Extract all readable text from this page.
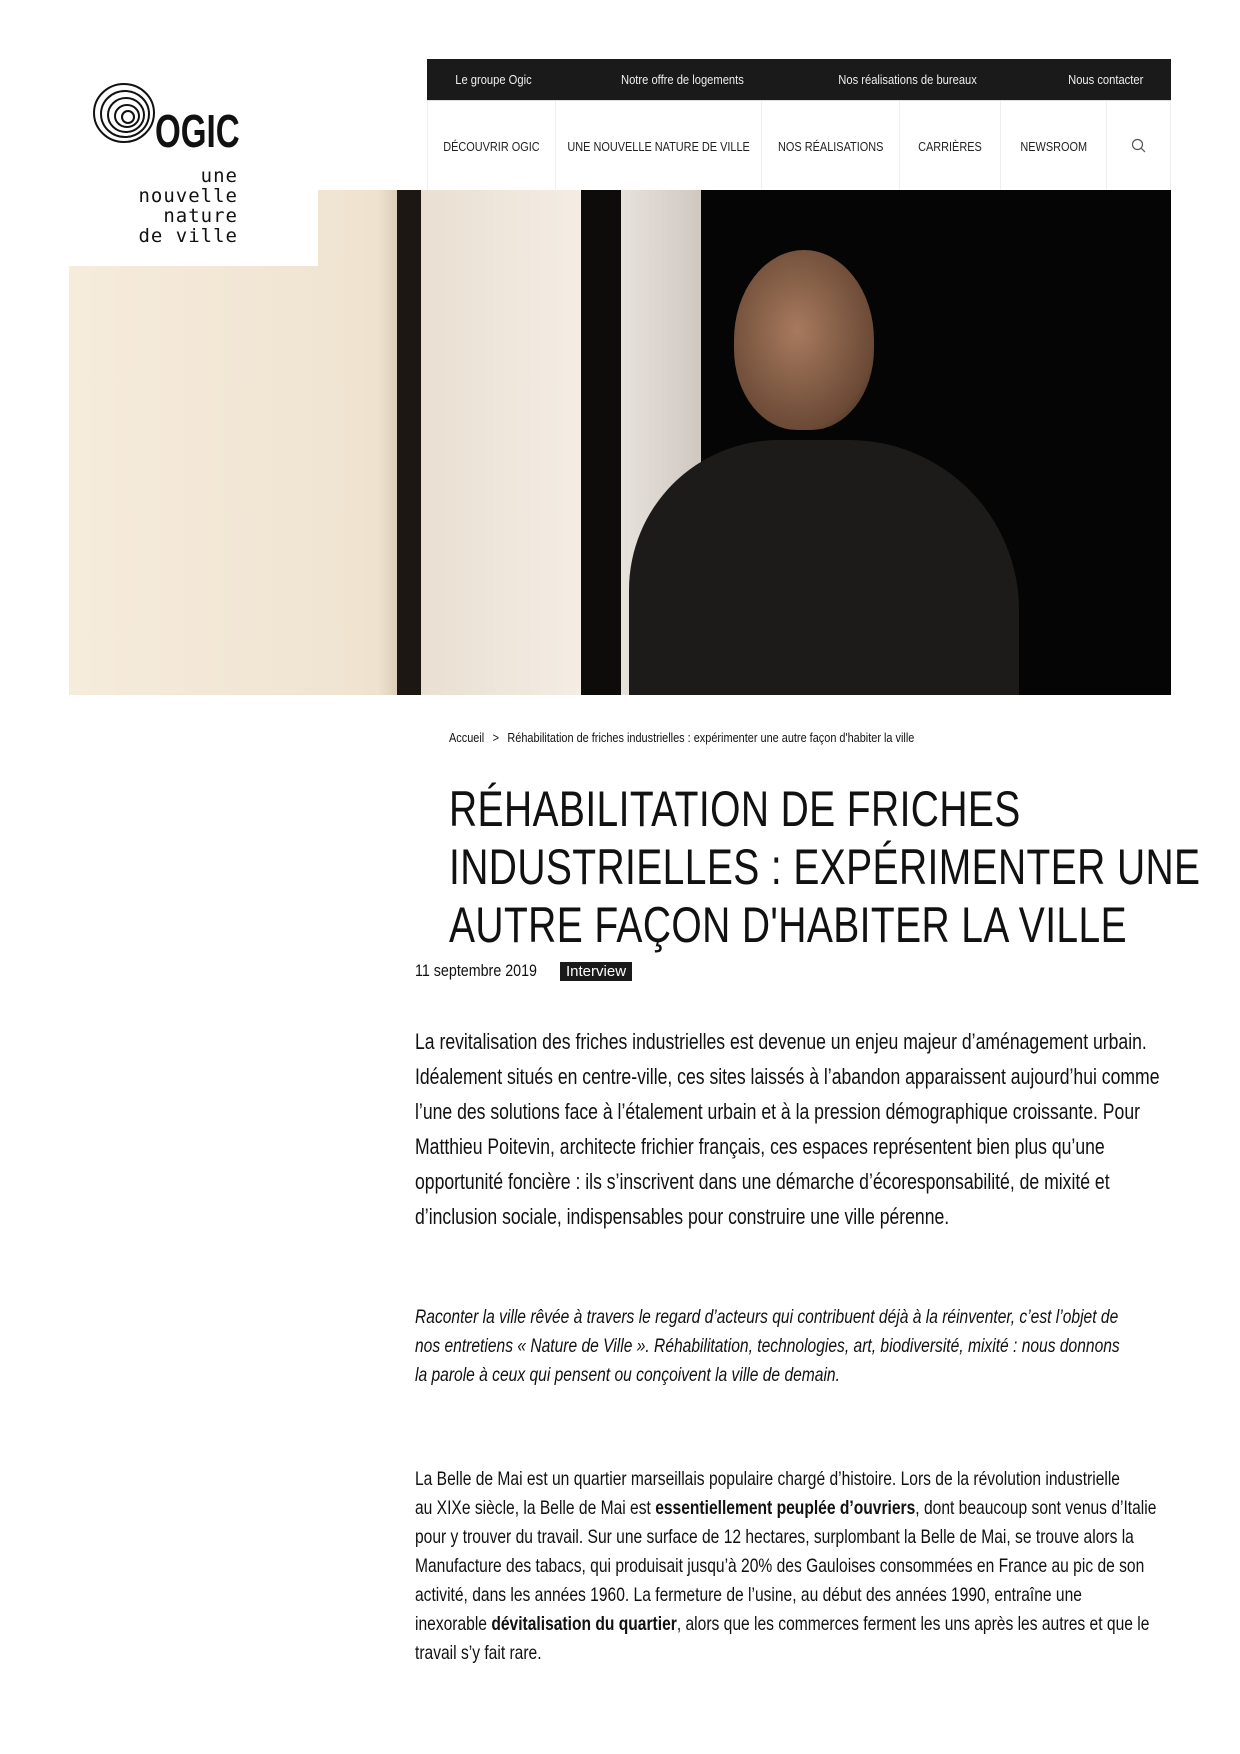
OGIC
une
nouvelle
nature
de ville
Le groupe Ogic	Notre offre de logements	Nos réalisations de bureaux	Nous contacter
DÉCOUVRIR OGIC UNE NOUVELLE NATURE DE VILLE NOS RÉALISATIONS	CARRIÈRES	NEWSROOM
Accueil > Réhabilitation de friches industrielles : expérimenter une autre façon d'habiter la ville
RÉHABILITATION DE FRICHES
INDUSTRIELLES : EXPÉRIMENTER UNE
AUTRE FAÇON D'HABITER LA VILLE
11 septembre 2019	Interview
La revitalisation des friches industrielles est devenue un enjeu majeur d’aménagement urbain.
Idéalement situés en centre-ville, ces sites laissés à l’abandon apparaissent aujourd’hui comme
l’une des solutions face à l’étalement urbain et à la pression démographique croissante. Pour
Matthieu Poitevin, architecte frichier français, ces espaces représentent bien plus qu’une
opportunité foncière : ils s’inscrivent dans une démarche d’écoresponsabilité, de mixité et
d’inclusion sociale, indispensables pour construire une ville pérenne.
Raconter la ville rêvée à travers le regard d’acteurs qui contribuent déjà à la réinventer, c’est l’objet de
nos entretiens « Nature de Ville ». Réhabilitation, technologies, art, biodiversité, mixité : nous donnons
la parole à ceux qui pensent ou conçoivent la ville de demain.
La Belle de Mai est un quartier marseillais populaire chargé d’histoire. Lors de la révolution industrielle
au XIXe siècle, la Belle de Mai est essentiellement peuplée d’ouvriers, dont beaucoup sont venus d’Italie
pour y trouver du travail. Sur une surface de 12 hectares, surplombant la Belle de Mai, se trouve alors la
Manufacture des tabacs, qui produisait jusqu’à 20% des Gauloises consommées en France au pic de son
activité, dans les années 1960. La fermeture de l’usine, au début des années 1990, entraîne une
inexorable dévitalisation du quartier, alors que les commerces ferment les uns après les autres et que le
travail s’y fait rare.
